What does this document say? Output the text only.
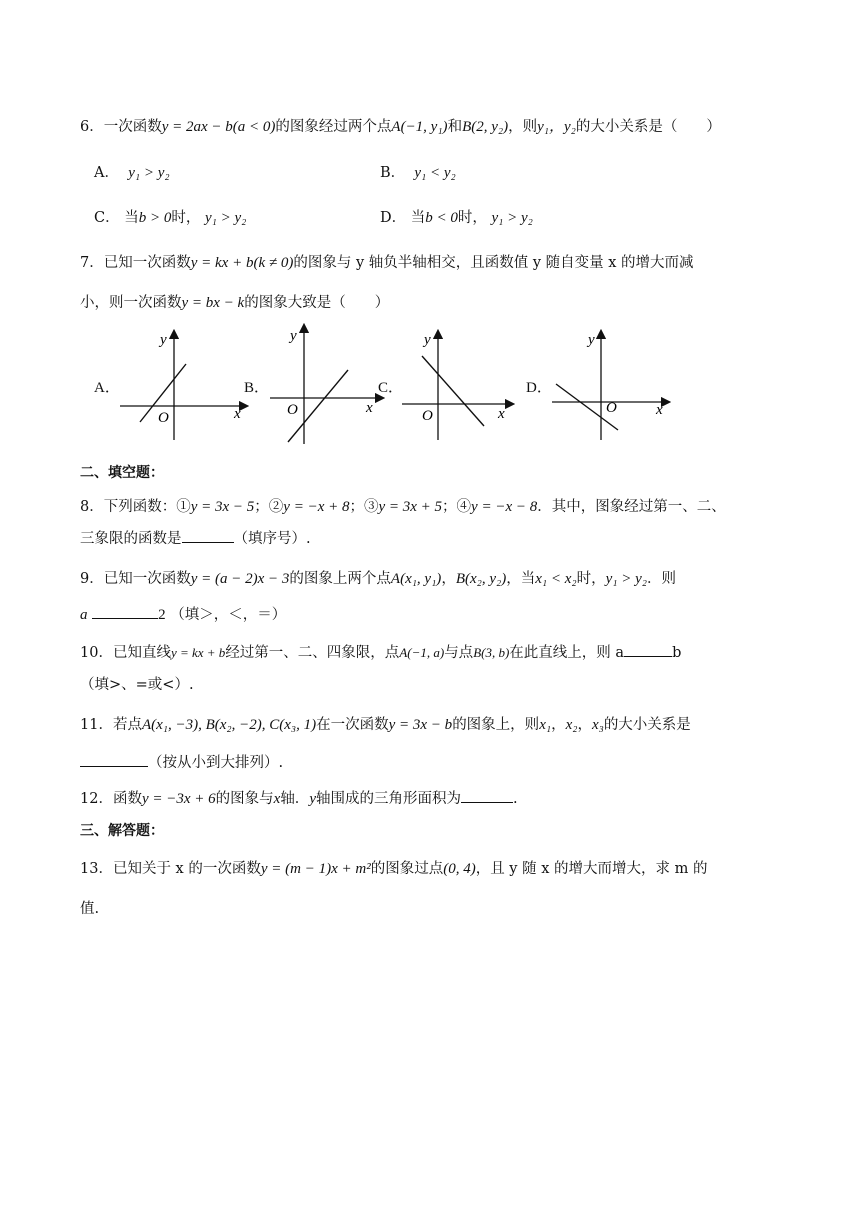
6．一次函数y = 2ax − b(a < 0)的图象经过两个点A(−1, y₁)和B(2, y₂)，则y₁，y₂的大小关系是（　　）
A． y₁ > y₂	B． y₁ < y₂
C． 当b > 0时， y₁ > y₂	D． 当b < 0时， y₁ > y₂
7．已知一次函数y = kx + b(k ≠ 0)的图象与 y 轴负半轴相交，且函数值 y 随自变量 x 的增大而减
小，则一次函数y = bx − k的图象大致是（　　）
A．	B．	C．	D．
y
x
O
y
x
O
y
x
O
y
x
O
二、填空题：
8．下列函数：①y = 3x − 5；②y = −x + 8；③y = 3x + 5；④y = −x − 8．其中，图象经过第一、二、
三象限的函数是	（填序号）.
9．已知一次函数y = (a − 2)x − 3的图象上两个点A(x₁, y₁)，B(x₂, y₂)，当x₁ < x₂时，y₁ > y₂．则
a	2 （填＞，＜，＝）
10．已知直线y = kx + b经过第一、二、四象限，点A(−1, a)与点B(3, b)在此直线上，则 a	b
（填>、=或<）.
11．若点A(x₁, −3), B(x₂, −2), C(x₃, 1)在一次函数y = 3x − b的图象上，则x₁，x₂，x₃的大小关系是
（按从小到大排列）.
12．函数y = −3x + 6的图象与x轴．y轴围成的三角形面积为	.
三、解答题：
13．已知关于 x 的一次函数y = (m − 1)x + m²的图象过点(0, 4)，且 y 随 x 的增大而增大，求 m 的
值.
